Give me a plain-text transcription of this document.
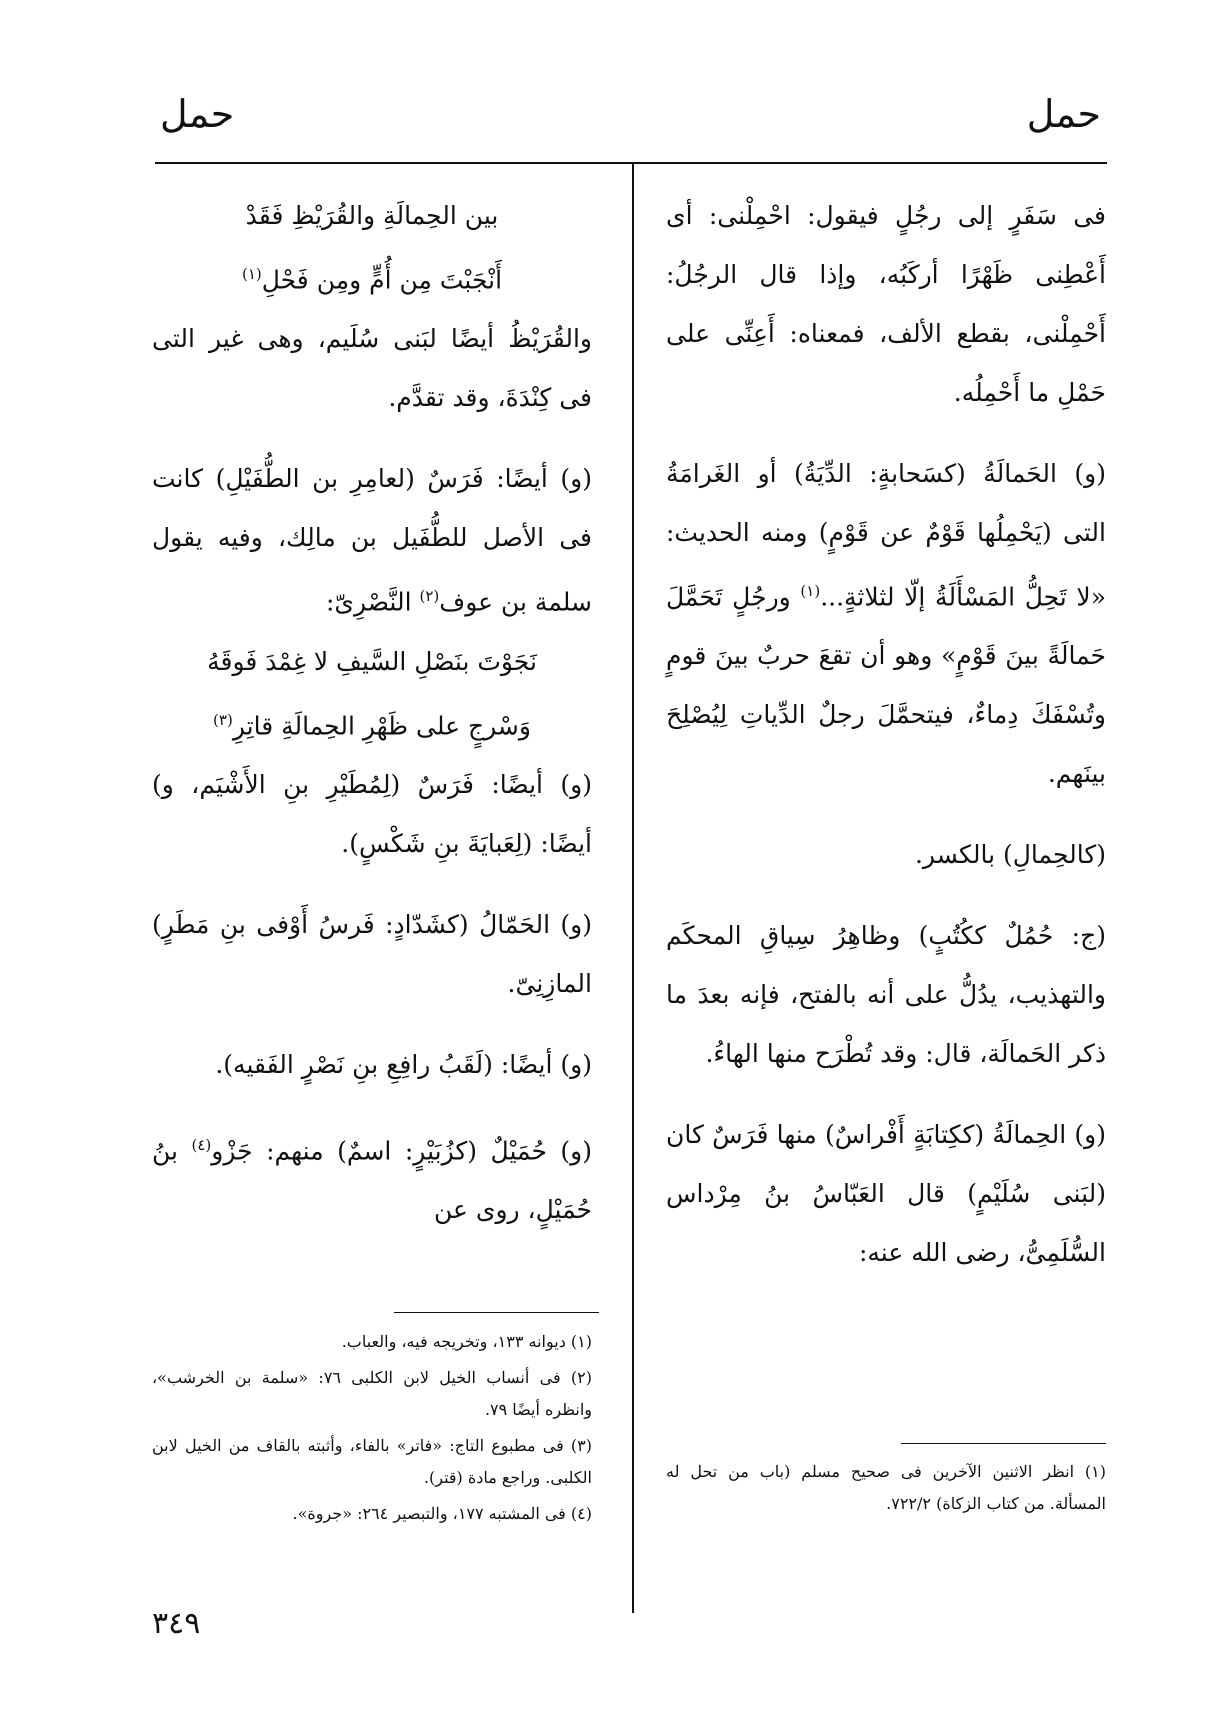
حمل
حمل

فى سَفَرٍ إلى رجُلٍ فيقول: احْمِلْنى: أى أَعْطِنى ظَهْرًا أركَبُه، وإذا قال الرجُلُ: أَحْمِلْنى، بقطع الألف، فمعناه: أَعِنِّى على حَمْلِ ما أَحْمِلُه.

(و) الحَمالَةُ (كسَحابةٍ: الدِّيَةُ) أو الغَرامَةُ التى (يَحْمِلُها قَوْمٌ عن قَوْمٍ) ومنه الحديث: «لا تَحِلُّ المَسْأَلَةُ إلّا لثلاثةٍ...$^{(١)}$ ورجُلٍ تَحَمَّلَ حَمالَةً بينَ قَوْمٍ» وهو أن تقعَ حربٌ بينَ قومٍ وتُسْفَكَ دِماءٌ، فيتحمَّلَ رجلٌ الدِّياتِ لِيُصْلِحَ بينَهم.

(كالحِمالِ) بالكسر.

(ج: حُمُلٌ ككُتُبٍ) وظاهِرُ سِياقِ المحكَم والتهذيب، يدُلُّ على أنه بالفتح، فإنه بعدَ ما ذكر الحَمالَة، قال: وقد تُطْرَح منها الهاءُ.

(و) الحِمالَةُ (ككِتابَةٍ أَفْراسٌ) منها فَرَسٌ كان (لبَنى سُلَيْمٍ) قال العَبّاسُ بنُ مِرْداس السُّلَمِىُّ، رضى الله عنه:

بين الحِمالَةِ والقُرَيْظِ فَقَدْ

أَنْجَبْتَ مِن أُمٍّ ومِن فَحْلِ$^{(١)}$

والقُرَيْظُ أيضًا لبَنى سُلَيم، وهى غير التى فى كِنْدَةَ، وقد تقدَّم.

(و) أيضًا: فَرَسٌ (لعامِرِ بن الطُّفَيْلِ) كانت فى الأصل للطُّفَيل بن مالِك، وفيه يقول سلمة بن عوف$^{(٢)}$ النَّصْرِىّ:

نَجَوْتَ بنَصْلِ السَّيفِ لا غِمْدَ فَوقَهُ

وَسْرجٍ على ظَهْرِ الحِمالَةِ قاتِرِ$^{(٣)}$

(و) أيضًا: فَرَسٌ (لِمُطَيْرِ بنِ الأَشْيَم، و) أيضًا: (لِعَبايَةَ بنِ شَكْسٍ).

(و) الحَمّالُ (كشَدّادٍ: فَرسُ أَوْفى بنِ مَطَرٍ) المازِنِىّ.

(و) أيضًا: (لَقَبُ رافِعِ بنِ نَصْرٍ الفَقيه).

(و) حُمَيْلٌ (كزُبَيْرٍ: اسمٌ) منهم: جَزْو$^{(٤)}$ بنُ حُمَيْلٍ، روى عن

(١) انظر الاثنين الآخرين فى صحيح مسلم (باب من تحل له المسألة. من كتاب الزكاة) ٧٢٢/٢.

(١) ديوانه ١٣٣، وتخريجه فيه، والعباب.

(٢) فى أنساب الخيل لابن الكلبى ٧٦: «سلمة بن الخرشب»، وانظره أيضًا ٧٩.

(٣) فى مطبوع التاج: «فاتر» بالفاء، وأثبته بالقاف من الخيل لابن الكلبى. وراجع مادة (قتر).

(٤) فى المشتبه ١٧٧، والتبصير ٢٦٤: «جروة».

٣٤٩
